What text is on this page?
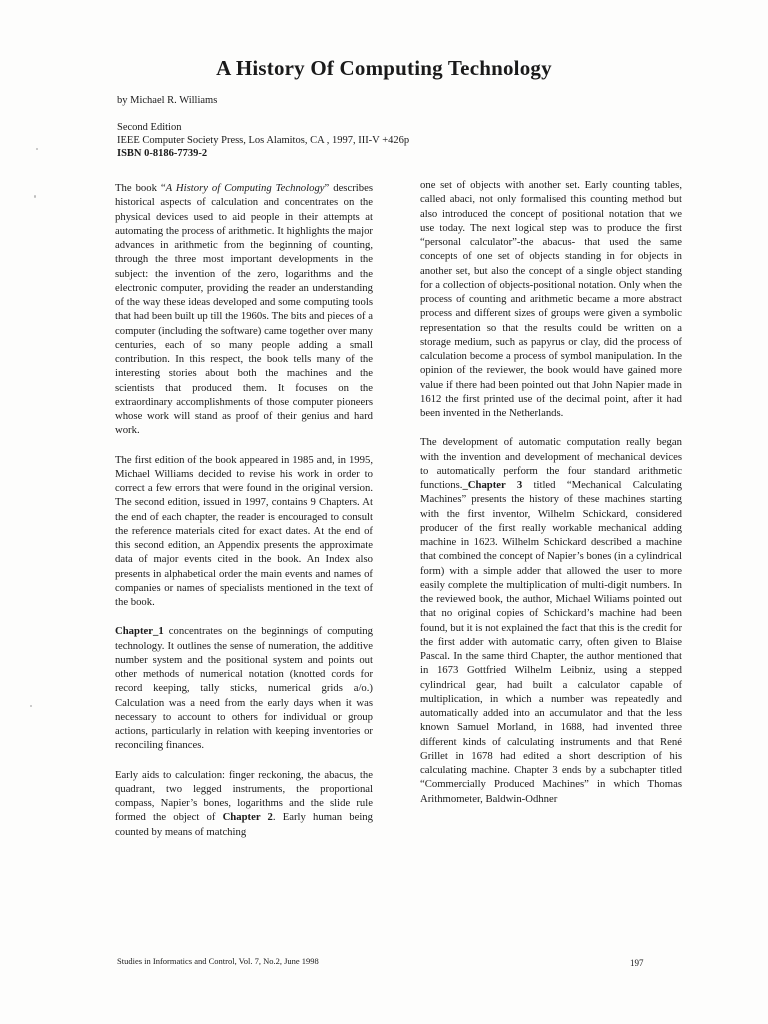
A History Of Computing Technology
by Michael R. Williams
Second Edition
IEEE Computer Society Press, Los Alamitos, CA , 1997, III-V +426p
ISBN 0-8186-7739-2

The book “A History of Computing Technology” describes historical aspects of calculation and concentrates on the physical devices used to aid people in their attempts at automating the process of arithmetic. It highlights the major advances in arithmetic from the beginning of counting, through the three most important developments in the subject: the invention of the zero, logarithms and the electronic computer, providing the reader an understanding of the way these ideas developed and some computing tools that had been built up till the 1960s. The bits and pieces of a computer (including the software) came together over many centuries, each of so many people adding a small contribution. In this respect, the book tells many of the interesting stories about both the machines and the scientists that produced them. It focuses on the extraordinary accomplishments of those computer pioneers whose work will stand as proof of their genius and hard work.

The first edition of the book appeared in 1985 and, in 1995, Michael Williams decided to revise his work in order to correct a few errors that were found in the original version. The second edition, issued in 1997, contains 9 Chapters. At the end of each chapter, the reader is encouraged to consult the reference materials cited for exact dates. At the end of this second edition, an Appendix presents the approximate data of major events cited in the book. An Index also presents in alphabetical order the main events and names of companies or names of specialists mentioned in the text of the book.

Chapter_1 concentrates on the beginnings of computing technology. It outlines the sense of numeration, the additive number system and the positional system and points out other methods of numerical notation (knotted cords for record keeping, tally sticks, numerical grids a/o.) Calculation was a need from the early days when it was necessary to account to others for individual or group actions, particularly in relation with keeping inventories or reconciling finances.

Early aids to calculation: finger reckoning, the abacus, the quadrant, two legged instruments, the proportional compass, Napier’s bones, logarithms and the slide rule formed the object of Chapter 2. Early human being counted by means of matching

one set of objects with another set. Early counting tables, called abaci, not only formalised this counting method but also introduced the concept of positional notation that we use today. The next logical step was to produce the first “personal calculator”-the abacus- that used the same concepts of one set of objects standing in for objects in another set, but also the concept of a single object standing for a collection of objects-positional notation. Only when the process of counting and arithmetic became a more abstract process and different sizes of groups were given a symbolic representation so that the results could be written on a storage medium, such as papyrus or clay, did the process of calculation become a process of symbol manipulation. In the opinion of the reviewer, the book would have gained more value if there had been pointed out that John Napier made in 1612 the first printed use of the decimal point, after it had been invented in the Netherlands.

The development of automatic computation really began with the invention and development of mechanical devices to automatically perform the four standard arithmetic functions._Chapter 3 titled “Mechanical Calculating Machines” presents the history of these machines starting with the first inventor, Wilhelm Schickard, considered producer of the first really workable mechanical adding machine in 1623. Wilhelm Schickard described a machine that combined the concept of Napier’s bones (in a cylindrical form) with a simple adder that allowed the user to more easily complete the multiplication of multi-digit numbers. In the reviewed book, the author, Michael Wiliams pointed out that no original copies of Schickard’s machine had been found, but it is not explained the fact that this is the credit for the first adder with automatic carry, often given to Blaise Pascal. In the same third Chapter, the author mentioned that in 1673 Gottfried Wilhelm Leibniz, using a stepped cylindrical gear, had built a calculator capable of multiplication, in which a number was repeatedly and automatically added into an accumulator and that the less known Samuel Morland, in 1688, had invented three different kinds of calculating instruments and that René Grillet in 1678 had edited a short description of his calculating machine. Chapter 3 ends by a subchapter titled “Commercially Produced Machines” in which Thomas Arithmometer, Baldwin-Odhner

Studies in Informatics and Control, Vol. 7, No.2, June 1998	197
